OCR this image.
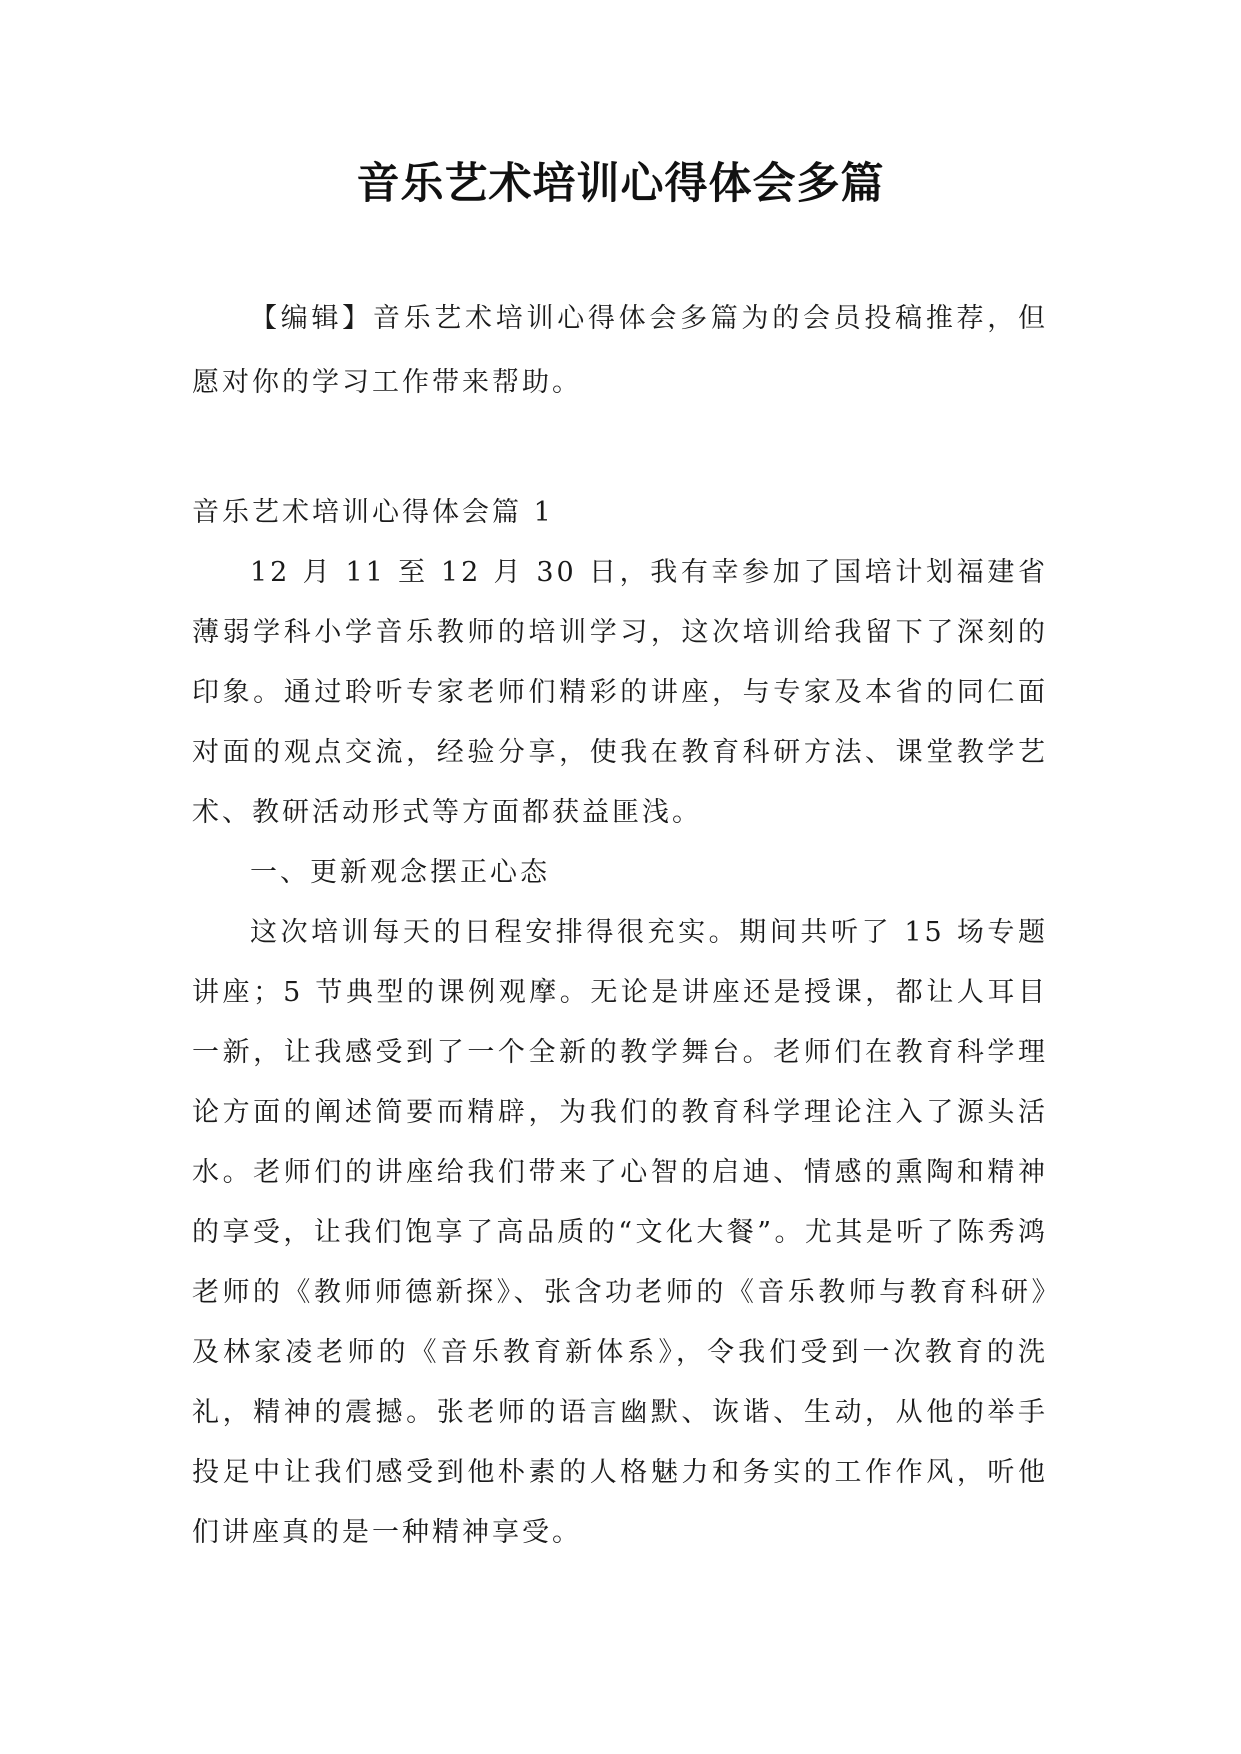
音乐艺术培训心得体会多篇

【编辑】音乐艺术培训心得体会多篇为的会员投稿推荐，但愿对你的学习工作带来帮助。

音乐艺术培训心得体会篇 1

12 月 11 至 12 月 30 日，我有幸参加了国培计划福建省薄弱学科小学音乐教师的培训学习，这次培训给我留下了深刻的印象。通过聆听专家老师们精彩的讲座，与专家及本省的同仁面对面的观点交流，经验分享，使我在教育科研方法、课堂教学艺术、教研活动形式等方面都获益匪浅。

一、更新观念摆正心态

这次培训每天的日程安排得很充实。期间共听了 15 场专题讲座；5 节典型的课例观摩。无论是讲座还是授课，都让人耳目一新，让我感受到了一个全新的教学舞台。老师们在教育科学理论方面的阐述简要而精辟，为我们的教育科学理论注入了源头活水。老师们的讲座给我们带来了心智的启迪、情感的熏陶和精神的享受，让我们饱享了高品质的“文化大餐”。尤其是听了陈秀鸿老师的《教师师德新探》、张含功老师的《音乐教师与教育科研》及林家凌老师的《音乐教育新体系》，令我们受到一次教育的洗礼，精神的震撼。张老师的语言幽默、诙谐、生动，从他的举手投足中让我们感受到他朴素的人格魅力和务实的工作作风，听他们讲座真的是一种精神享受。
